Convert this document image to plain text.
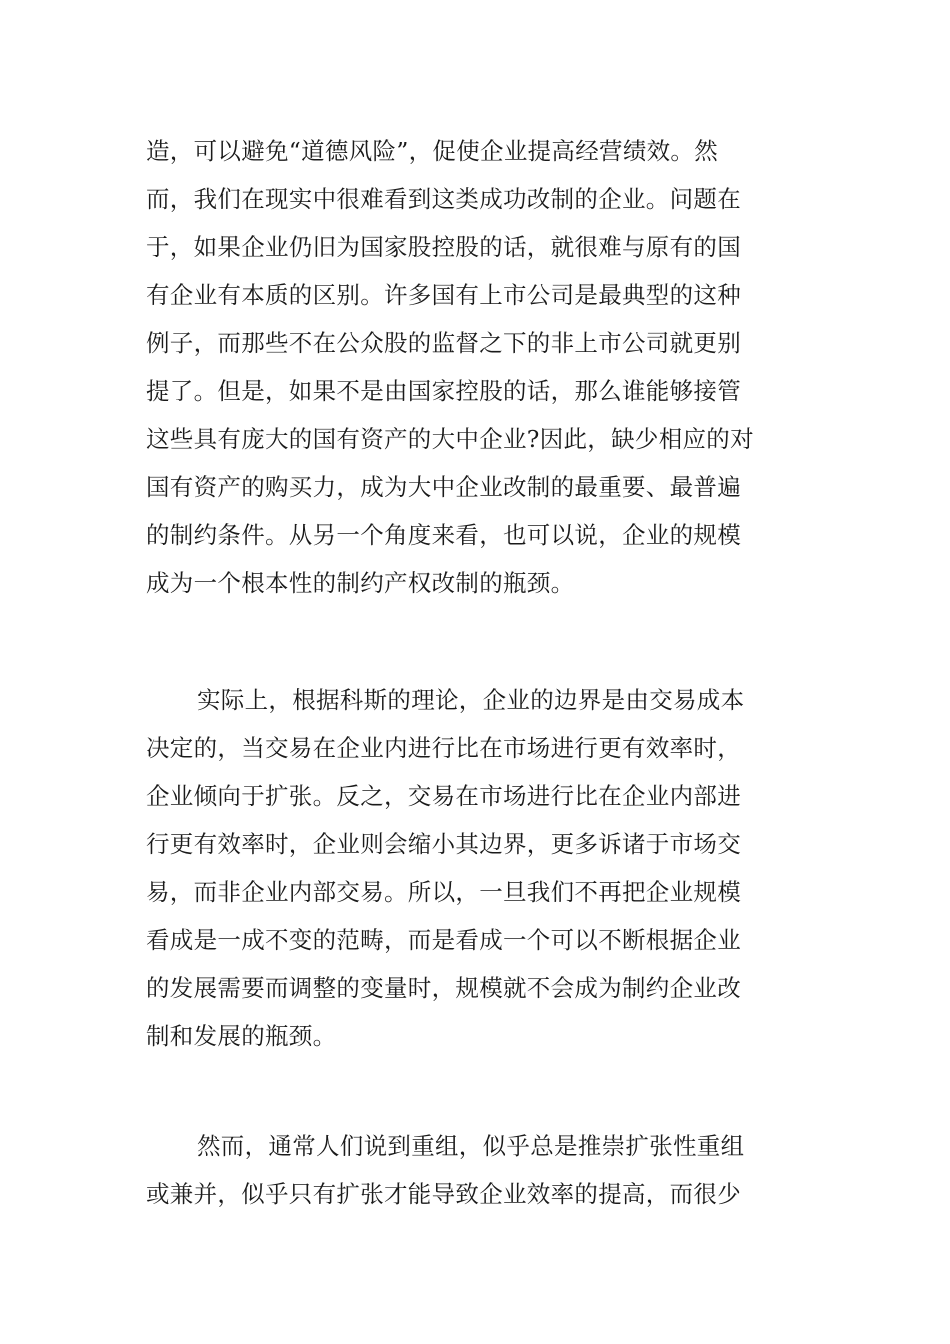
造，可以避免“道德风险”，促使企业提高经营绩效。然
而，我们在现实中很难看到这类成功改制的企业。问题在
于，如果企业仍旧为国家股控股的话，就很难与原有的国
有企业有本质的区别。许多国有上市公司是最典型的这种
例子，而那些不在公众股的监督之下的非上市公司就更别
提了。但是，如果不是由国家控股的话，那么谁能够接管
这些具有庞大的国有资产的大中企业?因此，缺少相应的对
国有资产的购买力，成为大中企业改制的最重要、最普遍
的制约条件。从另一个角度来看，也可以说，企业的规模
成为一个根本性的制约产权改制的瓶颈。
实际上，根据科斯的理论，企业的边界是由交易成本
决定的，当交易在企业内进行比在市场进行更有效率时，
企业倾向于扩张。反之，交易在市场进行比在企业内部进
行更有效率时，企业则会缩小其边界，更多诉诸于市场交
易，而非企业内部交易。所以，一旦我们不再把企业规模
看成是一成不变的范畴，而是看成一个可以不断根据企业
的发展需要而调整的变量时，规模就不会成为制约企业改
制和发展的瓶颈。
然而，通常人们说到重组，似乎总是推崇扩张性重组
或兼并，似乎只有扩张才能导致企业效率的提高，而很少
